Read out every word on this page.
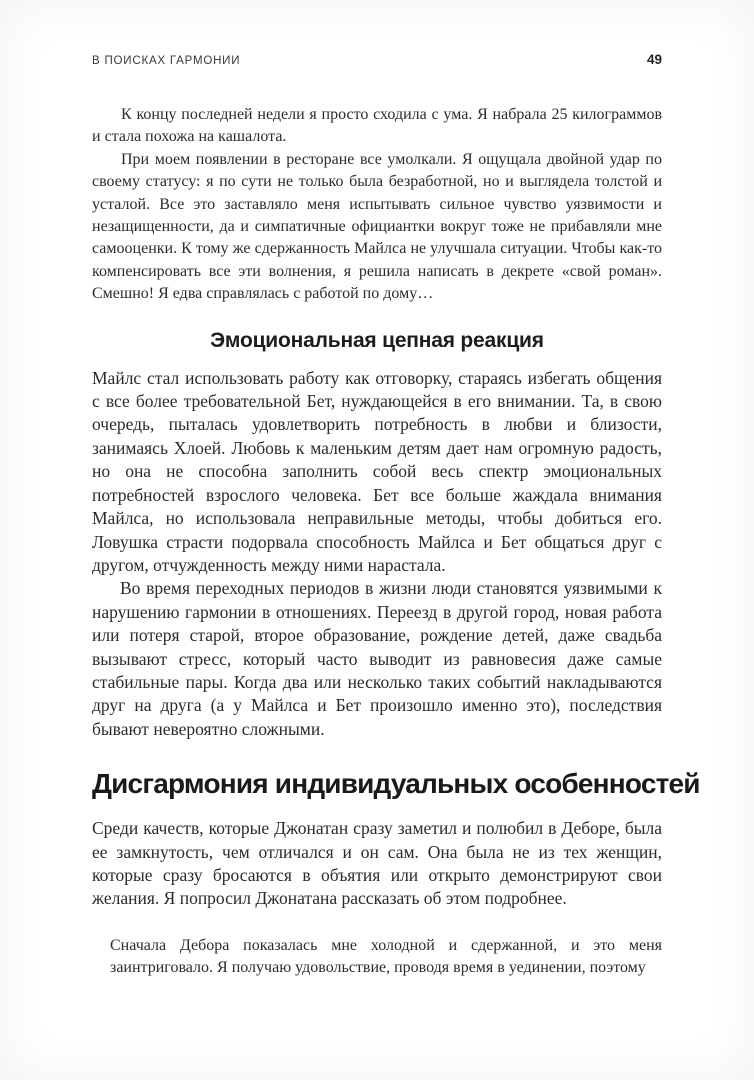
В ПОИСКАХ ГАРМОНИИ	49

К концу последней недели я просто сходила с ума. Я набрала 25 килограммов и стала похожа на кашалота.

При моем появлении в ресторане все умолкали. Я ощущала двойной удар по своему статусу: я по сути не только была безработной, но и выглядела толстой и усталой. Все это заставляло меня испытывать сильное чувство уязвимости и незащищенности, да и симпатичные официантки вокруг тоже не прибавляли мне самооценки. К тому же сдержанность Майлса не улучшала ситуации. Чтобы как-то компенсировать все эти волнения, я решила написать в декрете «свой роман». Смешно! Я едва справлялась с работой по дому…

Эмоциональная цепная реакция

Майлс стал использовать работу как отговорку, стараясь избегать общения с все более требовательной Бет, нуждающейся в его внимании. Та, в свою очередь, пыталась удовлетворить потребность в любви и близости, занимаясь Хлоей. Любовь к маленьким детям дает нам огромную радость, но она не способна заполнить собой весь спектр эмоциональных потребностей взрослого человека. Бет все больше жаждала внимания Майлса, но использовала неправильные методы, чтобы добиться его. Ловушка страсти подорвала способность Майлса и Бет общаться друг с другом, отчужденность между ними нарастала.

Во время переходных периодов в жизни люди становятся уязвимыми к нарушению гармонии в отношениях. Переезд в другой город, новая работа или потеря старой, второе образование, рождение детей, даже свадьба вызывают стресс, который часто выводит из равновесия даже самые стабильные пары. Когда два или несколько таких событий накладываются друг на друга (а у Майлса и Бет произошло именно это), последствия бывают невероятно сложными.

Дисгармония индивидуальных особенностей

Среди качеств, которые Джонатан сразу заметил и полюбил в Деборе, была ее замкнутость, чем отличался и он сам. Она была не из тех женщин, которые сразу бросаются в объятия или открыто демонстрируют свои желания. Я попросил Джонатана рассказать об этом подробнее.

Сначала Дебора показалась мне холодной и сдержанной, и это меня заинтриговало. Я получаю удовольствие, проводя время в уединении, поэтому
